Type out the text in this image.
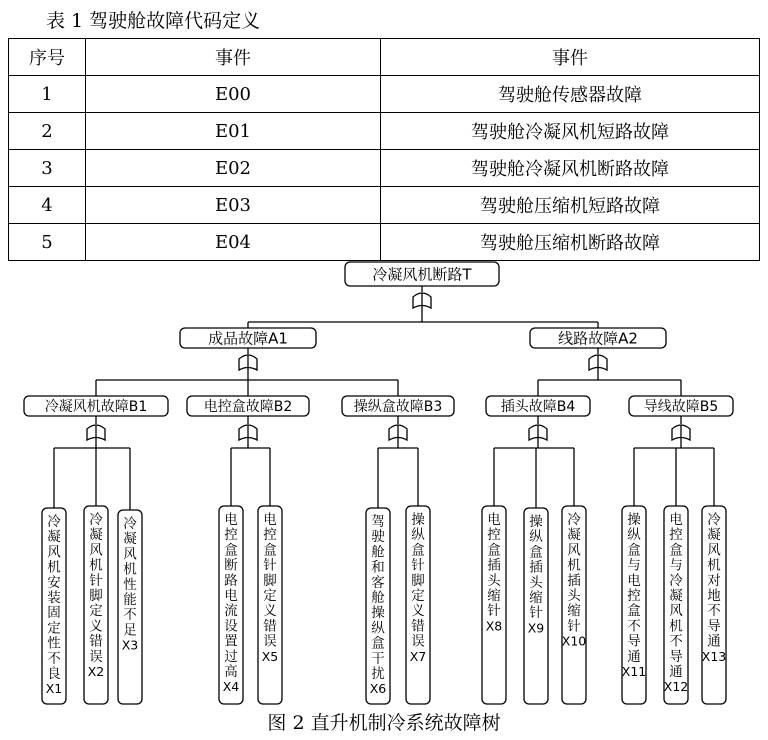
表 1 驾驶舱故障代码定义
序号	事件	事件
1	E00	驾驶舱传感器故障
2	E01	驾驶舱冷凝风机短路故障
3	E02	驾驶舱冷凝风机断路故障
4	E03	驾驶舱压缩机短路故障
5	E04	驾驶舱压缩机断路故障
冷凝风机断路T
成品故障A1	线路故障A2
冷凝风机故障B1	电控盒故障B2	操纵盒故障B3	插头故障B4	导线故障B5
冷凝风机安装固定性不良
X1
冷凝风机针脚定义错误
X2
冷凝风机性能不足
X3
电控盒断路电流设置过高
X4
电控盒针脚定义错误
X5
驾驶舱和客舱操纵盒干扰
X6
操纵盒针脚定义错误
X7
电控盒插头缩针
X8
操纵盒插头缩针
X9
冷凝风机插头缩针
X10
操纵盒与电控盒不导通
X11
电控盒与冷凝风机不导通
X12
冷凝风机对地不导通
X13
图 2 直升机制冷系统故障树
